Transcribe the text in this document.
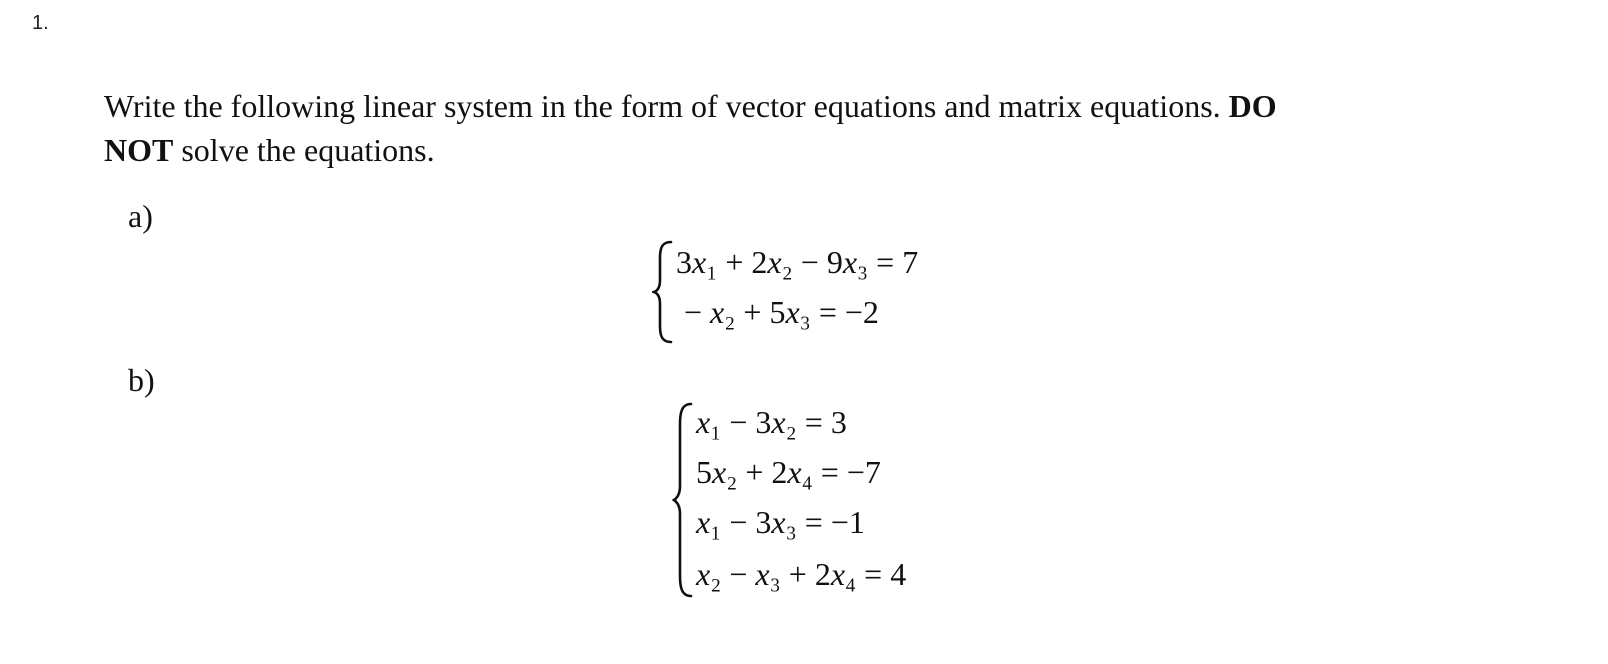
1.
Write the following linear system in the form of vector equations and matrix equations. DO
NOT solve the equations.
a)
3x₁ + 2x₂ − 9x₃ = 7
− x₂ + 5x₃ = −2
b)
x₁ − 3x₂ = 3
5x₂ + 2x₄ = −7
x₁ − 3x₃ = −1
x₂ − x₃ + 2x₄ = 4
